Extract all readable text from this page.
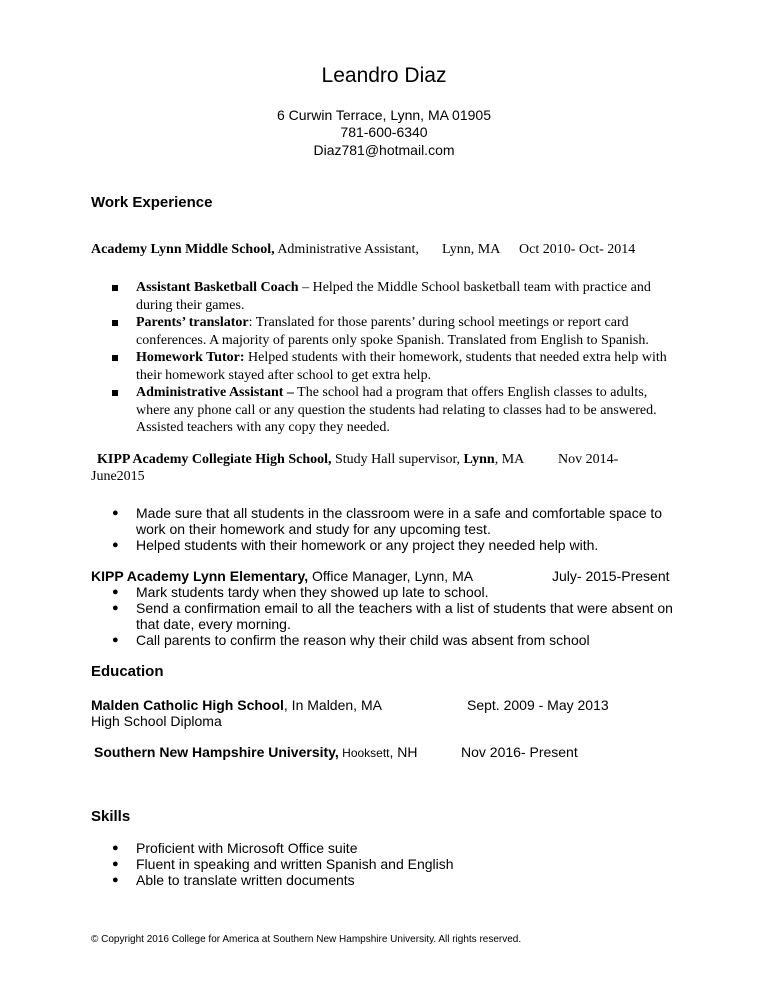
Leandro Diaz
6 Curwin Terrace, Lynn, MA 01905
781-600-6340
Diaz781@hotmail.com
Work Experience
Academy Lynn Middle School, Administrative Assistant, Lynn, MA Oct 2010- Oct- 2014
Assistant Basketball Coach – Helped the Middle School basketball team with practice and during their games.
Parents’ translator: Translated for those parents’ during school meetings or report card conferences. A majority of parents only spoke Spanish. Translated from English to Spanish.
Homework Tutor: Helped students with their homework, students that needed extra help with their homework stayed after school to get extra help.
Administrative Assistant – The school had a program that offers English classes to adults, where any phone call or any question the students had relating to classes had to be answered. Assisted teachers with any copy they needed.
KIPP Academy Collegiate High School, Study Hall supervisor, Lynn, MA Nov 2014-
June2015
● Made sure that all students in the classroom were in a safe and comfortable space to work on their homework and study for any upcoming test.
● Helped students with their homework or any project they needed help with.
KIPP Academy Lynn Elementary, Office Manager, Lynn, MA	July- 2015-Present
● Mark students tardy when they showed up late to school.
● Send a confirmation email to all the teachers with a list of students that were absent on that date, every morning.
● Call parents to confirm the reason why their child was absent from school
Education
Malden Catholic High School, In Malden, MA	Sept. 2009 - May 2013
High School Diploma
Southern New Hampshire University, Hooksett, NH	Nov 2016- Present
Skills
● Proficient with Microsoft Office suite
● Fluent in speaking and written Spanish and English
● Able to translate written documents
© Copyright 2016 College for America at Southern New Hampshire University. All rights reserved.
